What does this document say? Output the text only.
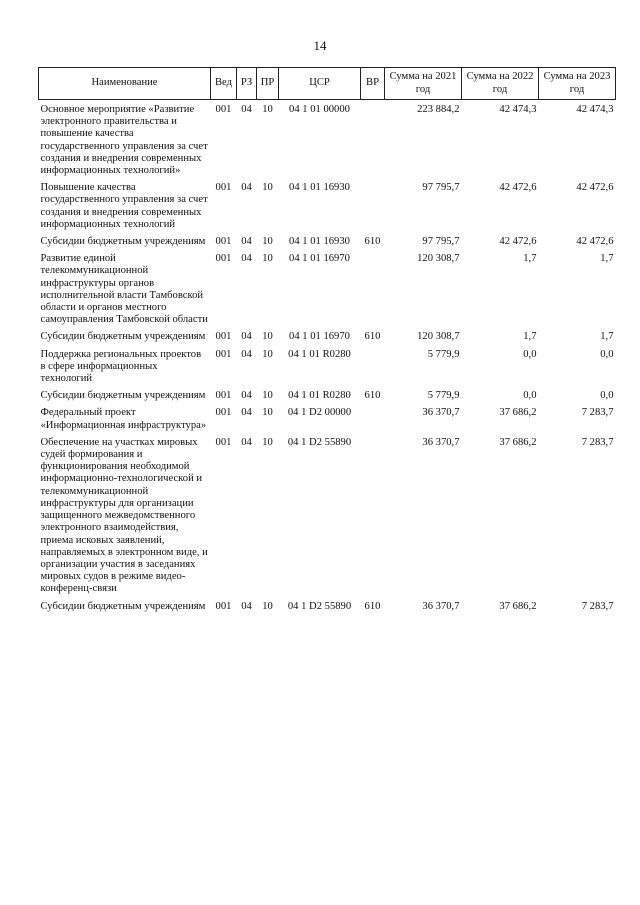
14
Наименование	Вед	РЗ	ПР	ЦСР	ВР	Сумма на 2021 год	Сумма на 2022 год	Сумма на 2023 год
Основное мероприятие «Развитие электронного правительства и повышение качества государственного управления за счет создания и внедрения современных информационных технологий»	001	04	10	04 1 01 00000		223 884,2	42 474,3	42 474,3
Повышение качества государственного управления за счет создания и внедрения современных информационных технологий	001	04	10	04 1 01 16930		97 795,7	42 472,6	42 472,6
Субсидии бюджетным учреждениям	001	04	10	04 1 01 16930	610	97 795,7	42 472,6	42 472,6
Развитие единой телекоммуникационной инфраструктуры органов исполнительной власти Тамбовской области и органов местного самоуправления Тамбовской области	001	04	10	04 1 01 16970		120 308,7	1,7	1,7
Субсидии бюджетным учреждениям	001	04	10	04 1 01 16970	610	120 308,7	1,7	1,7
Поддержка региональных проектов в сфере информационных технологий	001	04	10	04 1 01 R0280		5 779,9	0,0	0,0
Субсидии бюджетным учреждениям	001	04	10	04 1 01 R0280	610	5 779,9	0,0	0,0
Федеральный проект «Информационная инфраструктура»	001	04	10	04 1 D2 00000		36 370,7	37 686,2	7 283,7
Обеспечение на участках мировых судей формирования и функционирования необходимой информационно-технологической и телекоммуникационной инфраструктуры для организации защищенного межведомственного электронного взаимодействия, приема исковых заявлений, направляемых в электронном виде, и организации участия в заседаниях мировых судов в режиме видео-конференц-связи	001	04	10	04 1 D2 55890		36 370,7	37 686,2	7 283,7
Субсидии бюджетным учреждениям	001	04	10	04 1 D2 55890	610	36 370,7	37 686,2	7 283,7
